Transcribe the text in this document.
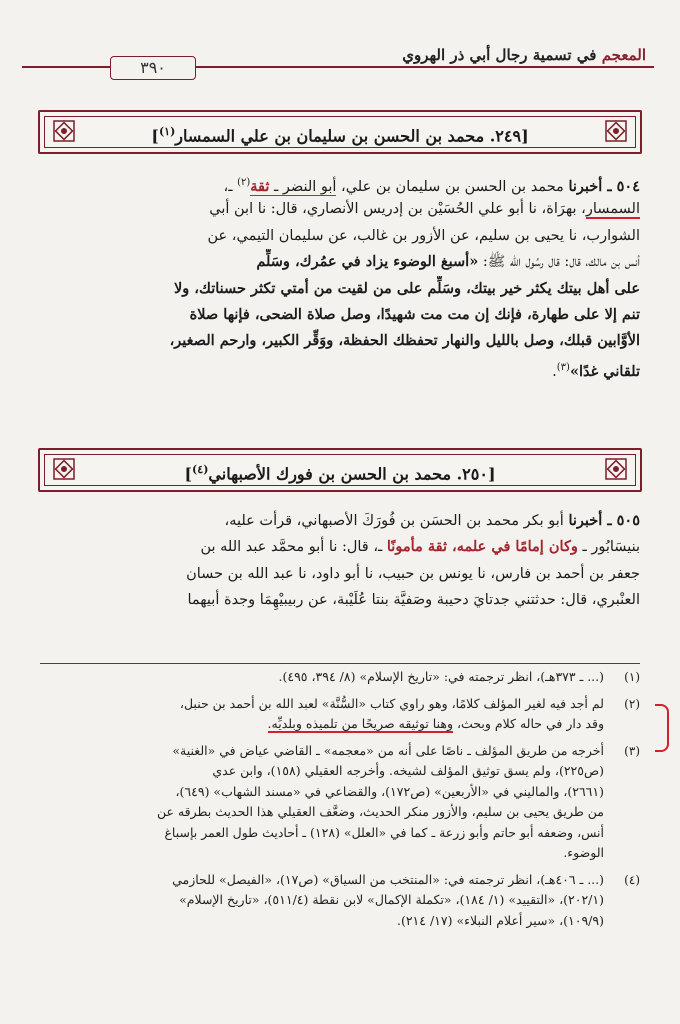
المعجم في تسمية رجال أبي ذر الهروي
٣٩٠
[٢٤٩. محمد بن الحسن بن سليمان بن علي السمسار$^{(١)}$]
٥٠٤ ـ أخبرنا محمد بن الحسن بن سليمان بن علي، أبو النضر ـ ثقة$^{(٢)}$ ـ،
السمسار، بهرَاة، نا أبو علي الحُسَيْن بن إدريس الأنصاري، قال: نا ابن أبي
الشوارب، نا يحيى بن سليم، عن الأزور بن غالب، عن سليمان التيمي، عن
أنس بن مالك، قال: قال رسُول الله ﷺ: «أسبغ الوضوء يزاد في عمُرك، وسَلِّم
على أهل بيتك يكثر خير بيتك، وسَلِّم على من لقيت من أمتي تكثر حسناتك، ولا
تنم إلا على طهارة، فإنك إن مت مت شهيدًا، وصل صلاة الضحى، فإنها صلاة
الأوَّابين قبلك، وصل بالليل والنهار تحفظك الحفظة، ووَقِّر الكبير، وارحم الصغير،
تلقاني غدًا»$^{(٣)}$.
[٢٥٠. محمد بن الحسن بن فورك الأصبهاني$^{(٤)}$]
٥٠٥ ـ أخبرنا أبو بكر محمد بن الحسَن بن فُورَكَ الأصبهاني، قرأت عليه،
بنيسَابُور ـ وكان إمامًا في علمه، ثقة مأمونًا ـ، قال: نا أبو محمَّد عبد الله بن
جعفر بن أحمد بن فارس، نا يونس بن حبيب، نا أبو داود، نا عبد الله بن حسان
العنْبري، قال: حدثتني جدتايَ دحيبة وصَفيَّة بنتا عُلَيْبة، عن ربيبيْهِمَا وجدة أبيهما
(١)
(... ـ ٣٧٣هـ)، انظر ترجمته في: «تاريخ الإسلام» (٨/ ٣٩٤، ٤٩٥).
(٢)
لم أجد فيه لغير المؤلف كلامًا، وهو راوي كتاب «السُّنَّة» لعبد الله بن أحمد بن حنبل،
وقد دار في حاله كلام وبحث، وهنا توثيقه صريحًا من تلميذه وبلديِّه.
(٣)
أخرجه من طريق المؤلف ـ ناصًا على أنه من «معجمه» ـ القاضي عياض في «الغنية»
(ص٢٢٥)، ولم يسق توثيق المؤلف لشيخه. وأخرجه العقيلي (١٥٨)، وابن عدي
(٢٦٦١)، والماليني في «الأربعين» (ص١٧٢)، والقضاعي في «مسند الشهاب» (٦٤٩)،
من طريق يحيى بن سليم، والأزور منكر الحديث، وضعَّف العقيلي هذا الحديث بطرقه عن
أنس، وضعفه أبو حاتم وأبو زرعة ـ كما في «العلل» (١٢٨) ـ أحاديث طول العمر بإسباغ
الوضوء.
(٤)
(... ـ ٤٠٦هـ)، انظر ترجمته في: «المنتخب من السياق» (ص١٧)، «الفيصل» للحازمي
(٢٠٢/١)، «التقييد» (١/ ١٨٤)، «تكملة الإكمال» لابن نقطة (٥١١/٤)، «تاريخ الإسلام»
(١٠٩/٩)، «سير أعلام النبلاء» (١٧/ ٢١٤).
